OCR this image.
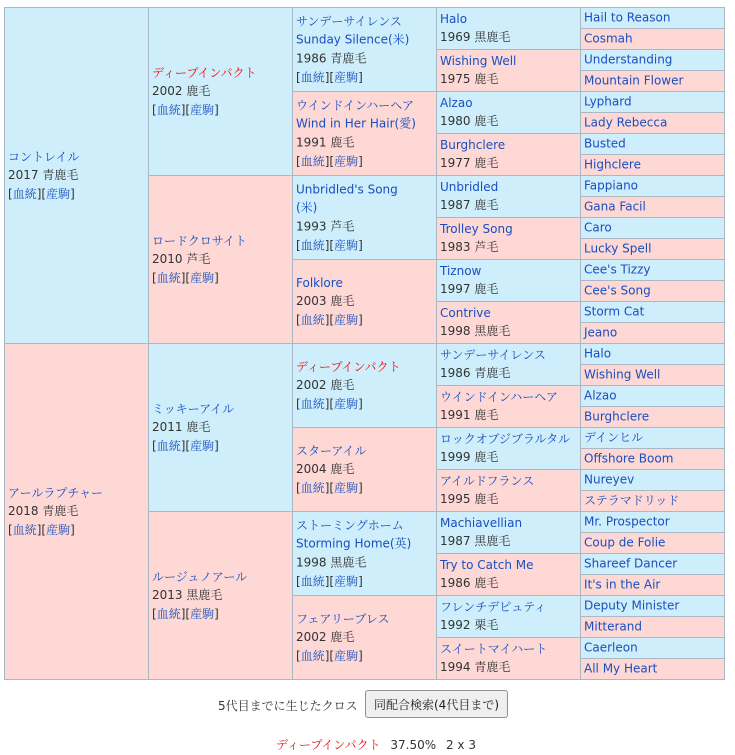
コントレイル
2017 青鹿毛
[血統][産駒]
ディープインパクト
2002 鹿毛
[血統][産駒]
サンデーサイレンス
Sunday Silence(米)
1986 青鹿毛
[血統][産駒]
Halo
1969 黒鹿毛
Hail to Reason
Cosmah
Wishing Well
1975 鹿毛
Understanding
Mountain Flower
ウインドインハーヘア
Wind in Her Hair(愛)
1991 鹿毛
[血統][産駒]
Alzao
1980 鹿毛
Lyphard
Lady Rebecca
Burghclere
1977 鹿毛
Busted
Highclere
ロードクロサイト
2010 芦毛
[血統][産駒]
Unbridled's Song
(米)
1993 芦毛
[血統][産駒]
Unbridled
1987 鹿毛
Fappiano
Gana Facil
Trolley Song
1983 芦毛
Caro
Lucky Spell
Folklore
2003 鹿毛
[血統][産駒]
Tiznow
1997 鹿毛
Cee's Tizzy
Cee's Song
Contrive
1998 黒鹿毛
Storm Cat
Jeano
アールラプチャー
2018 青鹿毛
[血統][産駒]
ミッキーアイル
2011 鹿毛
[血統][産駒]
ディープインパクト
2002 鹿毛
[血統][産駒]
サンデーサイレンス
1986 青鹿毛
Halo
Wishing Well
ウインドインハーヘア
1991 鹿毛
Alzao
Burghclere
スターアイル
2004 鹿毛
[血統][産駒]
ロックオブジブラルタル
1999 鹿毛
デインヒル
Offshore Boom
アイルドフランス
1995 鹿毛
Nureyev
ステラマドリッド
ルージュノアール
2013 黒鹿毛
[血統][産駒]
ストーミングホーム
Storming Home(英)
1998 黒鹿毛
[血統][産駒]
Machiavellian
1987 黒鹿毛
Mr. Prospector
Coup de Folie
Try to Catch Me
1986 鹿毛
Shareef Dancer
It's in the Air
フェアリーブレス
2002 鹿毛
[血統][産駒]
フレンチデピュティ
1992 栗毛
Deputy Minister
Mitterand
スイートマイハート
1994 青鹿毛
Caerleon
All My Heart
5代目までに生じたクロス	同配合検索(4代目まで)
ディープインパクト 37.50% 2 x 3
